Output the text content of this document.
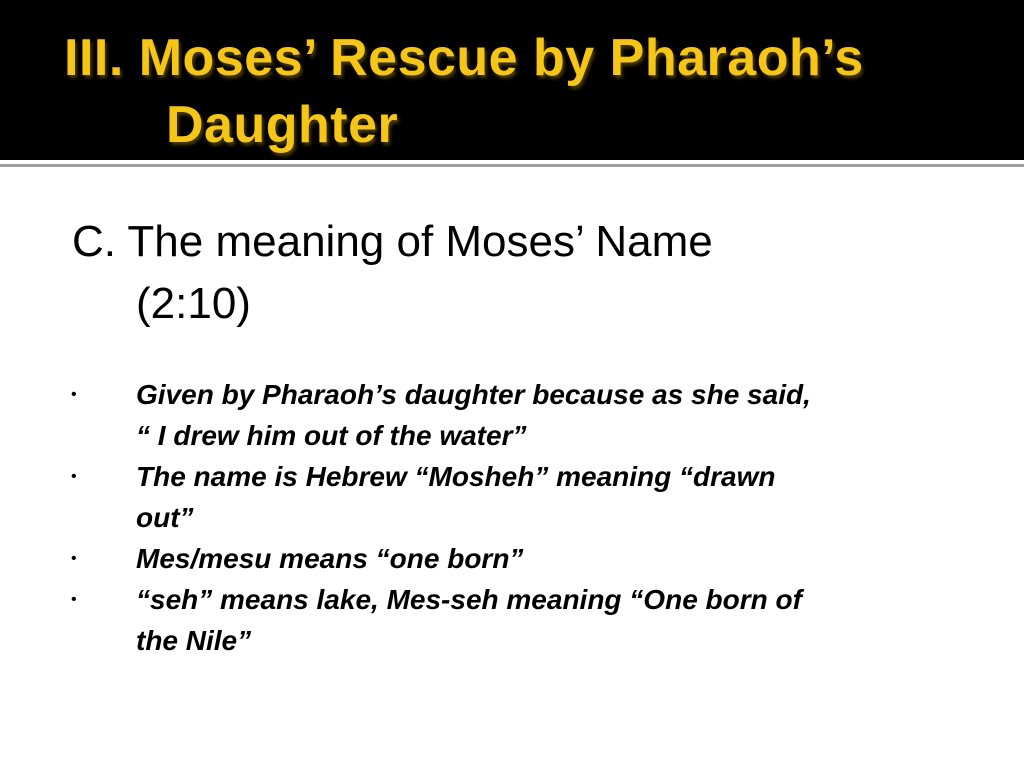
III. Moses’ Rescue by Pharaoh’s
Daughter
C. The meaning of Moses’ Name
(2:10)
• Given by Pharaoh’s daughter because as she said,
“ I drew him out of the water”
• The name is Hebrew “Mosheh” meaning “drawn
out”
• Mes/mesu means “one born”
• “seh” means lake, Mes-seh meaning “One born of
the Nile”
